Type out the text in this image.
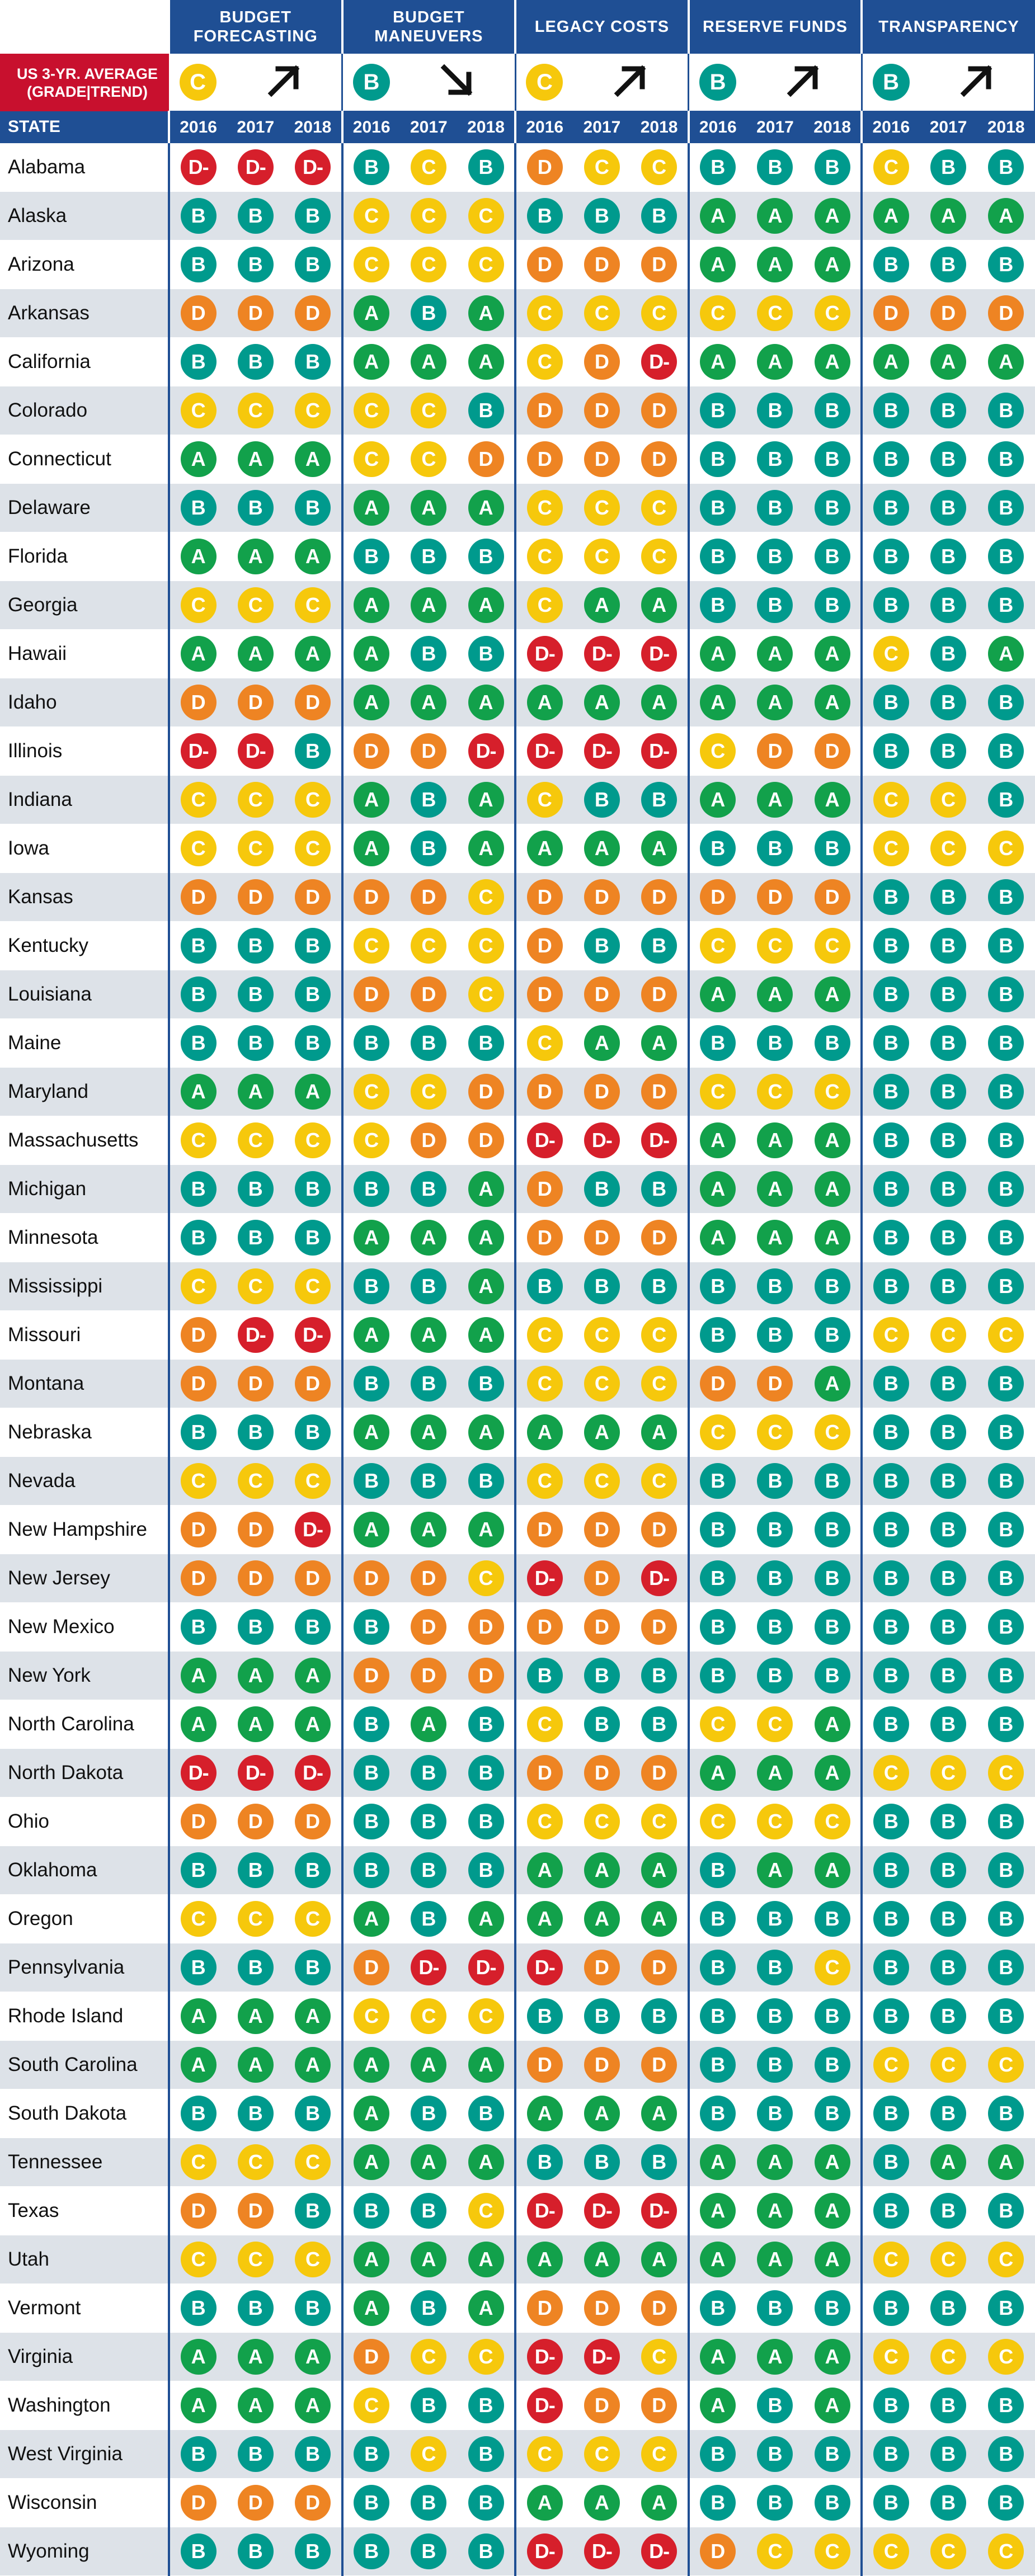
	BUDGET FORECASTING			BUDGET MANEUVERS			LEGACY COSTS			RESERVE FUNDS			TRANSPARENCY		
US 3-YR. AVERAGE (GRADE|TREND)	C			B			C			B			B	
STATE	2016	2017	2018	2016	2017	2018	2016	2017	2018	2016	2017	2018	2016	2017	2018
Alabama	D-	D-	D-	B	C	B	D	C	C	B	B	B	C	B	B
Alaska	B	B	B	C	C	C	B	B	B	A	A	A	A	A	A
Arizona	B	B	B	C	C	C	D	D	D	A	A	A	B	B	B
Arkansas	D	D	D	A	B	A	C	C	C	C	C	C	D	D	D
California	B	B	B	A	A	A	C	D	D-	A	A	A	A	A	A
Colorado	C	C	C	C	C	B	D	D	D	B	B	B	B	B	B
Connecticut	A	A	A	C	C	D	D	D	D	B	B	B	B	B	B
Delaware	B	B	B	A	A	A	C	C	C	B	B	B	B	B	B
Florida	A	A	A	B	B	B	C	C	C	B	B	B	B	B	B
Georgia	C	C	C	A	A	A	C	A	A	B	B	B	B	B	B
Hawaii	A	A	A	A	B	B	D-	D-	D-	A	A	A	C	B	A
Idaho	D	D	D	A	A	A	A	A	A	A	A	A	B	B	B
Illinois	D-	D-	B	D	D	D-	D-	D-	D-	C	D	D	B	B	B
Indiana	C	C	C	A	B	A	C	B	B	A	A	A	C	C	B
Iowa	C	C	C	A	B	A	A	A	A	B	B	B	C	C	C
Kansas	D	D	D	D	D	C	D	D	D	D	D	D	B	B	B
Kentucky	B	B	B	C	C	C	D	B	B	C	C	C	B	B	B
Louisiana	B	B	B	D	D	C	D	D	D	A	A	A	B	B	B
Maine	B	B	B	B	B	B	C	A	A	B	B	B	B	B	B
Maryland	A	A	A	C	C	D	D	D	D	C	C	C	B	B	B
Massachusetts	C	C	C	C	D	D	D-	D-	D-	A	A	A	B	B	B
Michigan	B	B	B	B	B	A	D	B	B	A	A	A	B	B	B
Minnesota	B	B	B	A	A	A	D	D	D	A	A	A	B	B	B
Mississippi	C	C	C	B	B	A	B	B	B	B	B	B	B	B	B
Missouri	D	D-	D-	A	A	A	C	C	C	B	B	B	C	C	C
Montana	D	D	D	B	B	B	C	C	C	D	D	A	B	B	B
Nebraska	B	B	B	A	A	A	A	A	A	C	C	C	B	B	B
Nevada	C	C	C	B	B	B	C	C	C	B	B	B	B	B	B
New Hampshire	D	D	D-	A	A	A	D	D	D	B	B	B	B	B	B
New Jersey	D	D	D	D	D	C	D-	D	D-	B	B	B	B	B	B
New Mexico	B	B	B	B	D	D	D	D	D	B	B	B	B	B	B
New York	A	A	A	D	D	D	B	B	B	B	B	B	B	B	B
North Carolina	A	A	A	B	A	B	C	B	B	C	C	A	B	B	B
North Dakota	D-	D-	D-	B	B	B	D	D	D	A	A	A	C	C	C
Ohio	D	D	D	B	B	B	C	C	C	C	C	C	B	B	B
Oklahoma	B	B	B	B	B	B	A	A	A	B	A	A	B	B	B
Oregon	C	C	C	A	B	A	A	A	A	B	B	B	B	B	B
Pennsylvania	B	B	B	D	D-	D-	D-	D	D	B	B	C	B	B	B
Rhode Island	A	A	A	C	C	C	B	B	B	B	B	B	B	B	B
South Carolina	A	A	A	A	A	A	D	D	D	B	B	B	C	C	C
South Dakota	B	B	B	A	B	B	A	A	A	B	B	B	B	B	B
Tennessee	C	C	C	A	A	A	B	B	B	A	A	A	B	A	A
Texas	D	D	B	B	B	C	D-	D-	D-	A	A	A	B	B	B
Utah	C	C	C	A	A	A	A	A	A	A	A	A	C	C	C
Vermont	B	B	B	A	B	A	D	D	D	B	B	B	B	B	B
Virginia	A	A	A	D	C	C	D-	D-	C	A	A	A	C	C	C
Washington	A	A	A	C	B	B	D-	D	D	A	B	A	B	B	B
West Virginia	B	B	B	B	C	B	C	C	C	B	B	B	B	B	B
Wisconsin	D	D	D	B	B	B	A	A	A	B	B	B	B	B	B
Wyoming	B	B	B	B	B	B	D-	D-	D-	D	C	C	C	C	C
